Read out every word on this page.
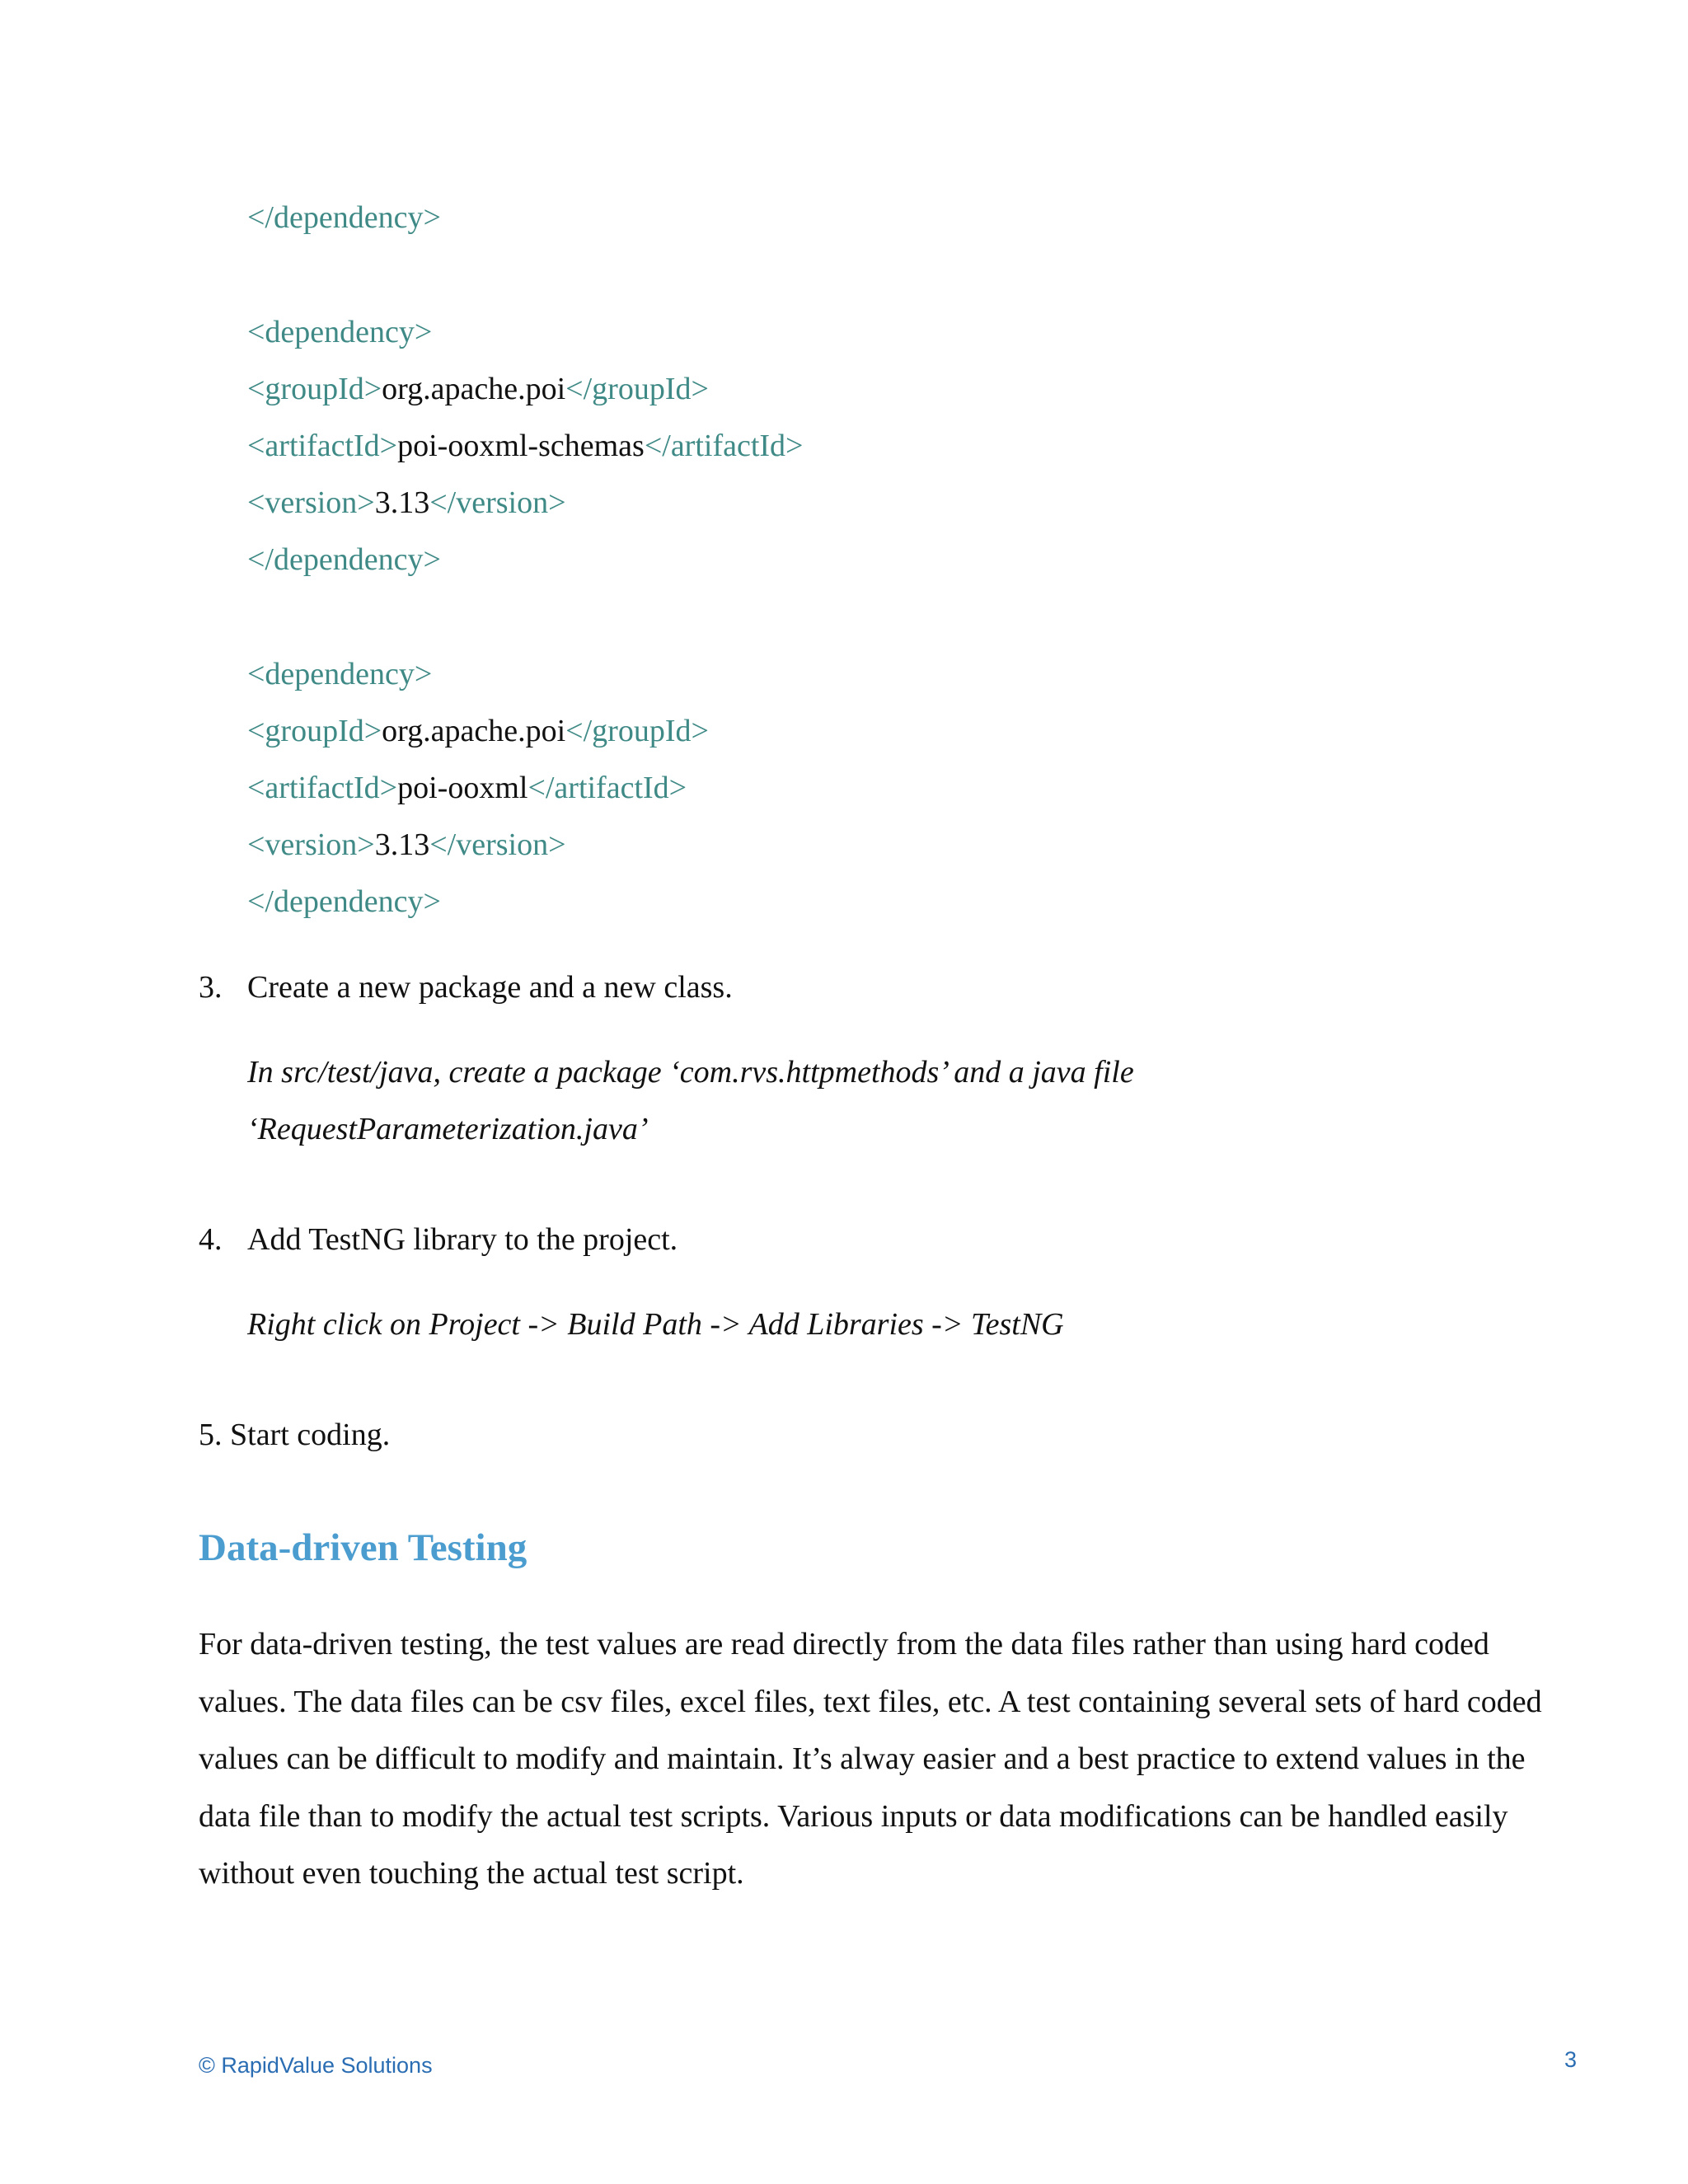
</dependency>
<dependency>
<groupId>org.apache.poi</groupId>
<artifactId>poi-ooxml-schemas</artifactId>
<version>3.13</version>
</dependency>
<dependency>
<groupId>org.apache.poi</groupId>
<artifactId>poi-ooxml</artifactId>
<version>3.13</version>
</dependency>
3. Create a new package and a new class.
In src/test/java, create a package ‘com.rvs.httpmethods’ and a java file
‘RequestParameterization.java’
4. Add TestNG library to the project.
Right click on Project -> Build Path -> Add Libraries -> TestNG
5. Start coding.
Data-driven Testing

For data-driven testing, the test values are read directly from the data files rather than using hard coded values. The data files can be csv files, excel files, text files, etc. A test containing several sets of hard coded values can be difficult to modify and maintain. It’s alway easier and a best practice to extend values in the data file than to modify the actual test scripts. Various inputs or data modifications can be handled easily without even touching the actual test script.

© RapidValue Solutions	3
